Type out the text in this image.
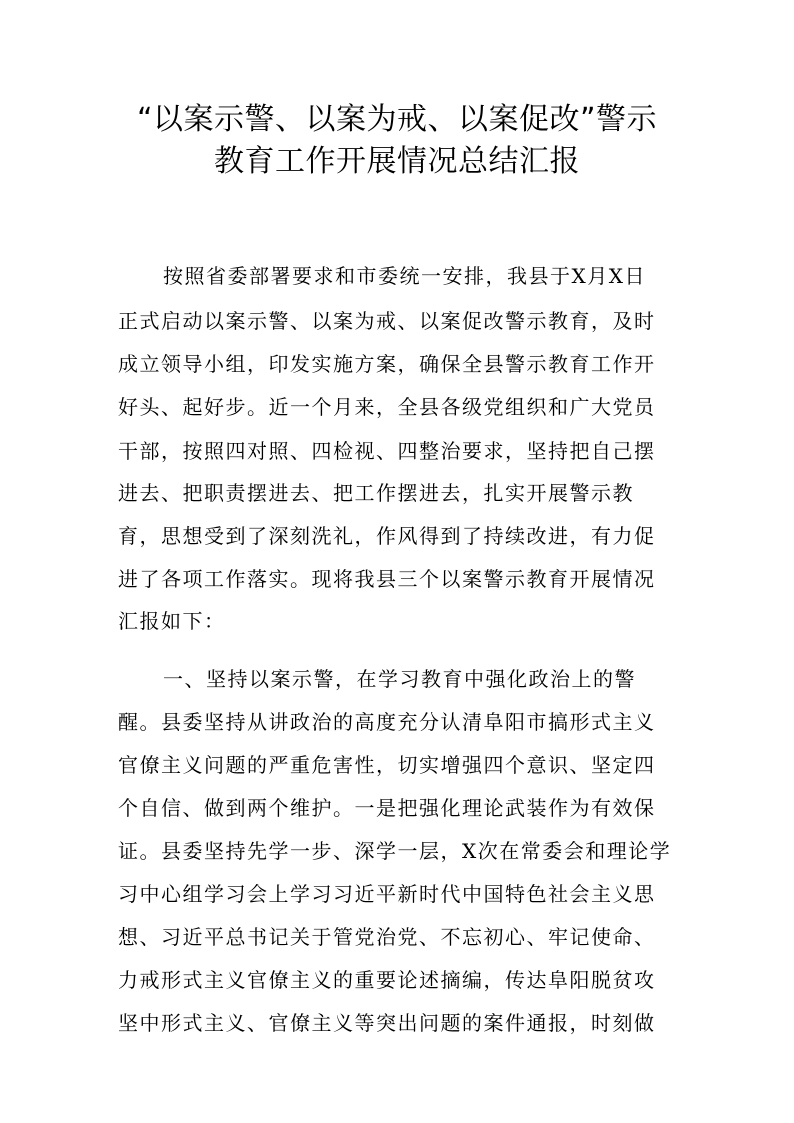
“以案示警、以案为戒、以案促改”警示
教育工作开展情况总结汇报
按照省委部署要求和市委统一安排，我县于X月X日
正式启动以案示警、以案为戒、以案促改警示教育，及时
成立领导小组，印发实施方案，确保全县警示教育工作开
好头、起好步。近一个月来，全县各级党组织和广大党员
干部，按照四对照、四检视、四整治要求，坚持把自己摆
进去、把职责摆进去、把工作摆进去，扎实开展警示教
育，思想受到了深刻洗礼，作风得到了持续改进，有力促
进了各项工作落实。现将我县三个以案警示教育开展情况
汇报如下：
一、坚持以案示警，在学习教育中强化政治上的警
醒。县委坚持从讲政治的高度充分认清阜阳市搞形式主义
官僚主义问题的严重危害性，切实增强四个意识、坚定四
个自信、做到两个维护。一是把强化理论武装作为有效保
证。县委坚持先学一步、深学一层，X次在常委会和理论学
习中心组学习会上学习习近平新时代中国特色社会主义思
想、习近平总书记关于管党治党、不忘初心、牢记使命、
力戒形式主义官僚主义的重要论述摘编，传达阜阳脱贫攻
坚中形式主义、官僚主义等突出问题的案件通报，时刻做
